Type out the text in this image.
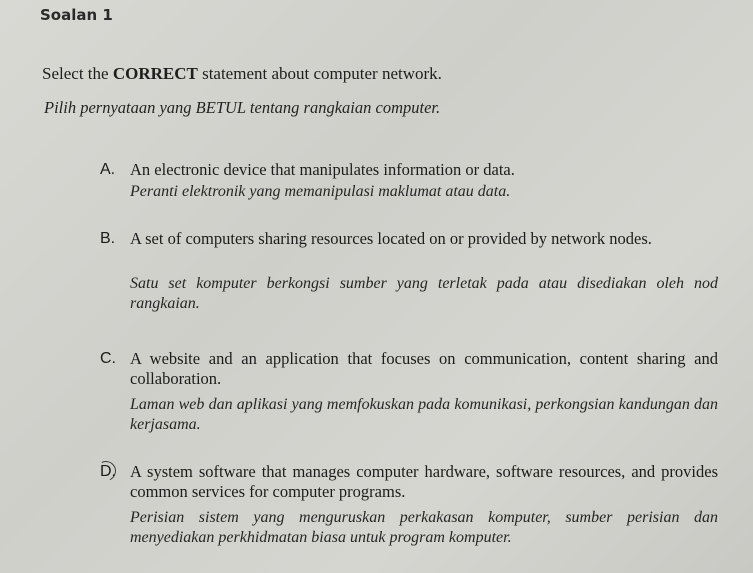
Soalan 1
Select the CORRECT statement about computer network.
Pilih pernyataan yang BETUL tentang rangkaian computer.
A. An electronic device that manipulates information or data.
Peranti elektronik yang memanipulasi maklumat atau data.
B. A set of computers sharing resources located on or provided by network nodes.
Satu set komputer berkongsi sumber yang terletak pada atau disediakan oleh nod rangkaian.
C. A website and an application that focuses on communication, content sharing and collaboration.
Laman web dan aplikasi yang memfokuskan pada komunikasi, perkongsian kandungan dan kerjasama.
D. A system software that manages computer hardware, software resources, and provides common services for computer programs.
Perisian sistem yang menguruskan perkakasan komputer, sumber perisian dan menyediakan perkhidmatan biasa untuk program komputer.
